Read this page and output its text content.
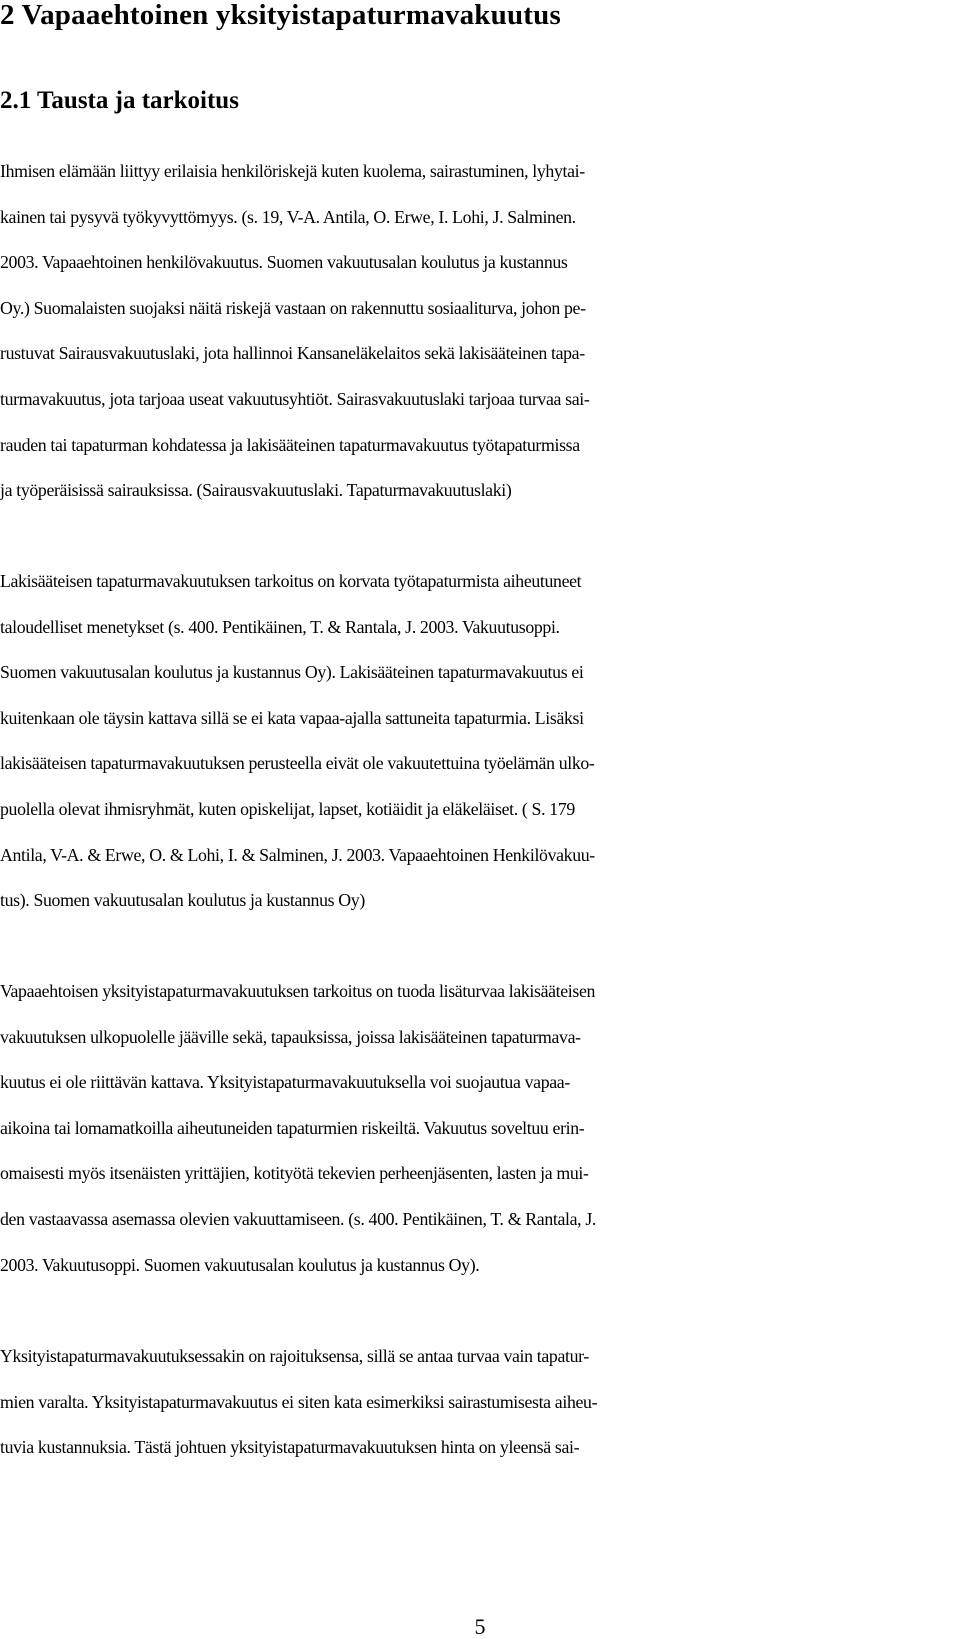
2 Vapaaehtoinen yksityistapaturmavakuutus
2.1 Tausta ja tarkoitus
Ihmisen elämään liittyy erilaisia henkilöriskejä kuten kuolema, sairastuminen, lyhytai-
kainen tai pysyvä työkyvyttömyys. (s. 19, V-A. Antila, O. Erwe, I. Lohi, J. Salminen.
2003. Vapaaehtoinen henkilövakuutus. Suomen vakuutusalan koulutus ja kustannus
Oy.) Suomalaisten suojaksi näitä riskejä vastaan on rakennuttu sosiaaliturva, johon pe-
rustuvat Sairausvakuutuslaki, jota hallinnoi Kansaneläkelaitos sekä lakisääteinen tapa-
turmavakuutus, jota tarjoaa useat vakuutusyhtiöt. Sairasvakuutuslaki tarjoaa turvaa sai-
rauden tai tapaturman kohdatessa ja lakisääteinen tapaturmavakuutus työtapaturmissa
ja työperäisissä sairauksissa. (Sairausvakuutuslaki. Tapaturmavakuutuslaki)
Lakisääteisen tapaturmavakuutuksen tarkoitus on korvata työtapaturmista aiheutuneet
taloudelliset menetykset (s. 400. Pentikäinen, T. & Rantala, J. 2003. Vakuutusoppi.
Suomen vakuutusalan koulutus ja kustannus Oy). Lakisääteinen tapaturmavakuutus ei
kuitenkaan ole täysin kattava sillä se ei kata vapaa-ajalla sattuneita tapaturmia. Lisäksi
lakisääteisen tapaturmavakuutuksen perusteella eivät ole vakuutettuina työelämän ulko-
puolella olevat ihmisryhmät, kuten opiskelijat, lapset, kotiäidit ja eläkeläiset. ( S. 179
Antila, V-A. & Erwe, O. & Lohi, I. & Salminen, J. 2003. Vapaaehtoinen Henkilövakuu-
tus). Suomen vakuutusalan koulutus ja kustannus Oy)
Vapaaehtoisen yksityistapaturmavakuutuksen tarkoitus on tuoda lisäturvaa lakisääteisen
vakuutuksen ulkopuolelle jääville sekä, tapauksissa, joissa lakisääteinen tapaturmava-
kuutus ei ole riittävän kattava. Yksityistapaturmavakuutuksella voi suojautua vapaa-
aikoina tai lomamatkoilla aiheutuneiden tapaturmien riskeiltä. Vakuutus soveltuu erin-
omaisesti myös itsenäisten yrittäjien, kotityötä tekevien perheenjäsenten, lasten ja mui-
den vastaavassa asemassa olevien vakuuttamiseen. (s. 400. Pentikäinen, T. & Rantala, J.
2003. Vakuutusoppi. Suomen vakuutusalan koulutus ja kustannus Oy).
Yksityistapaturmavakuutuksessakin on rajoituksensa, sillä se antaa turvaa vain tapatur-
mien varalta. Yksityistapaturmavakuutus ei siten kata esimerkiksi sairastumisesta aiheu-
tuvia kustannuksia. Tästä johtuen yksityistapaturmavakuutuksen hinta on yleensä sai-
5
